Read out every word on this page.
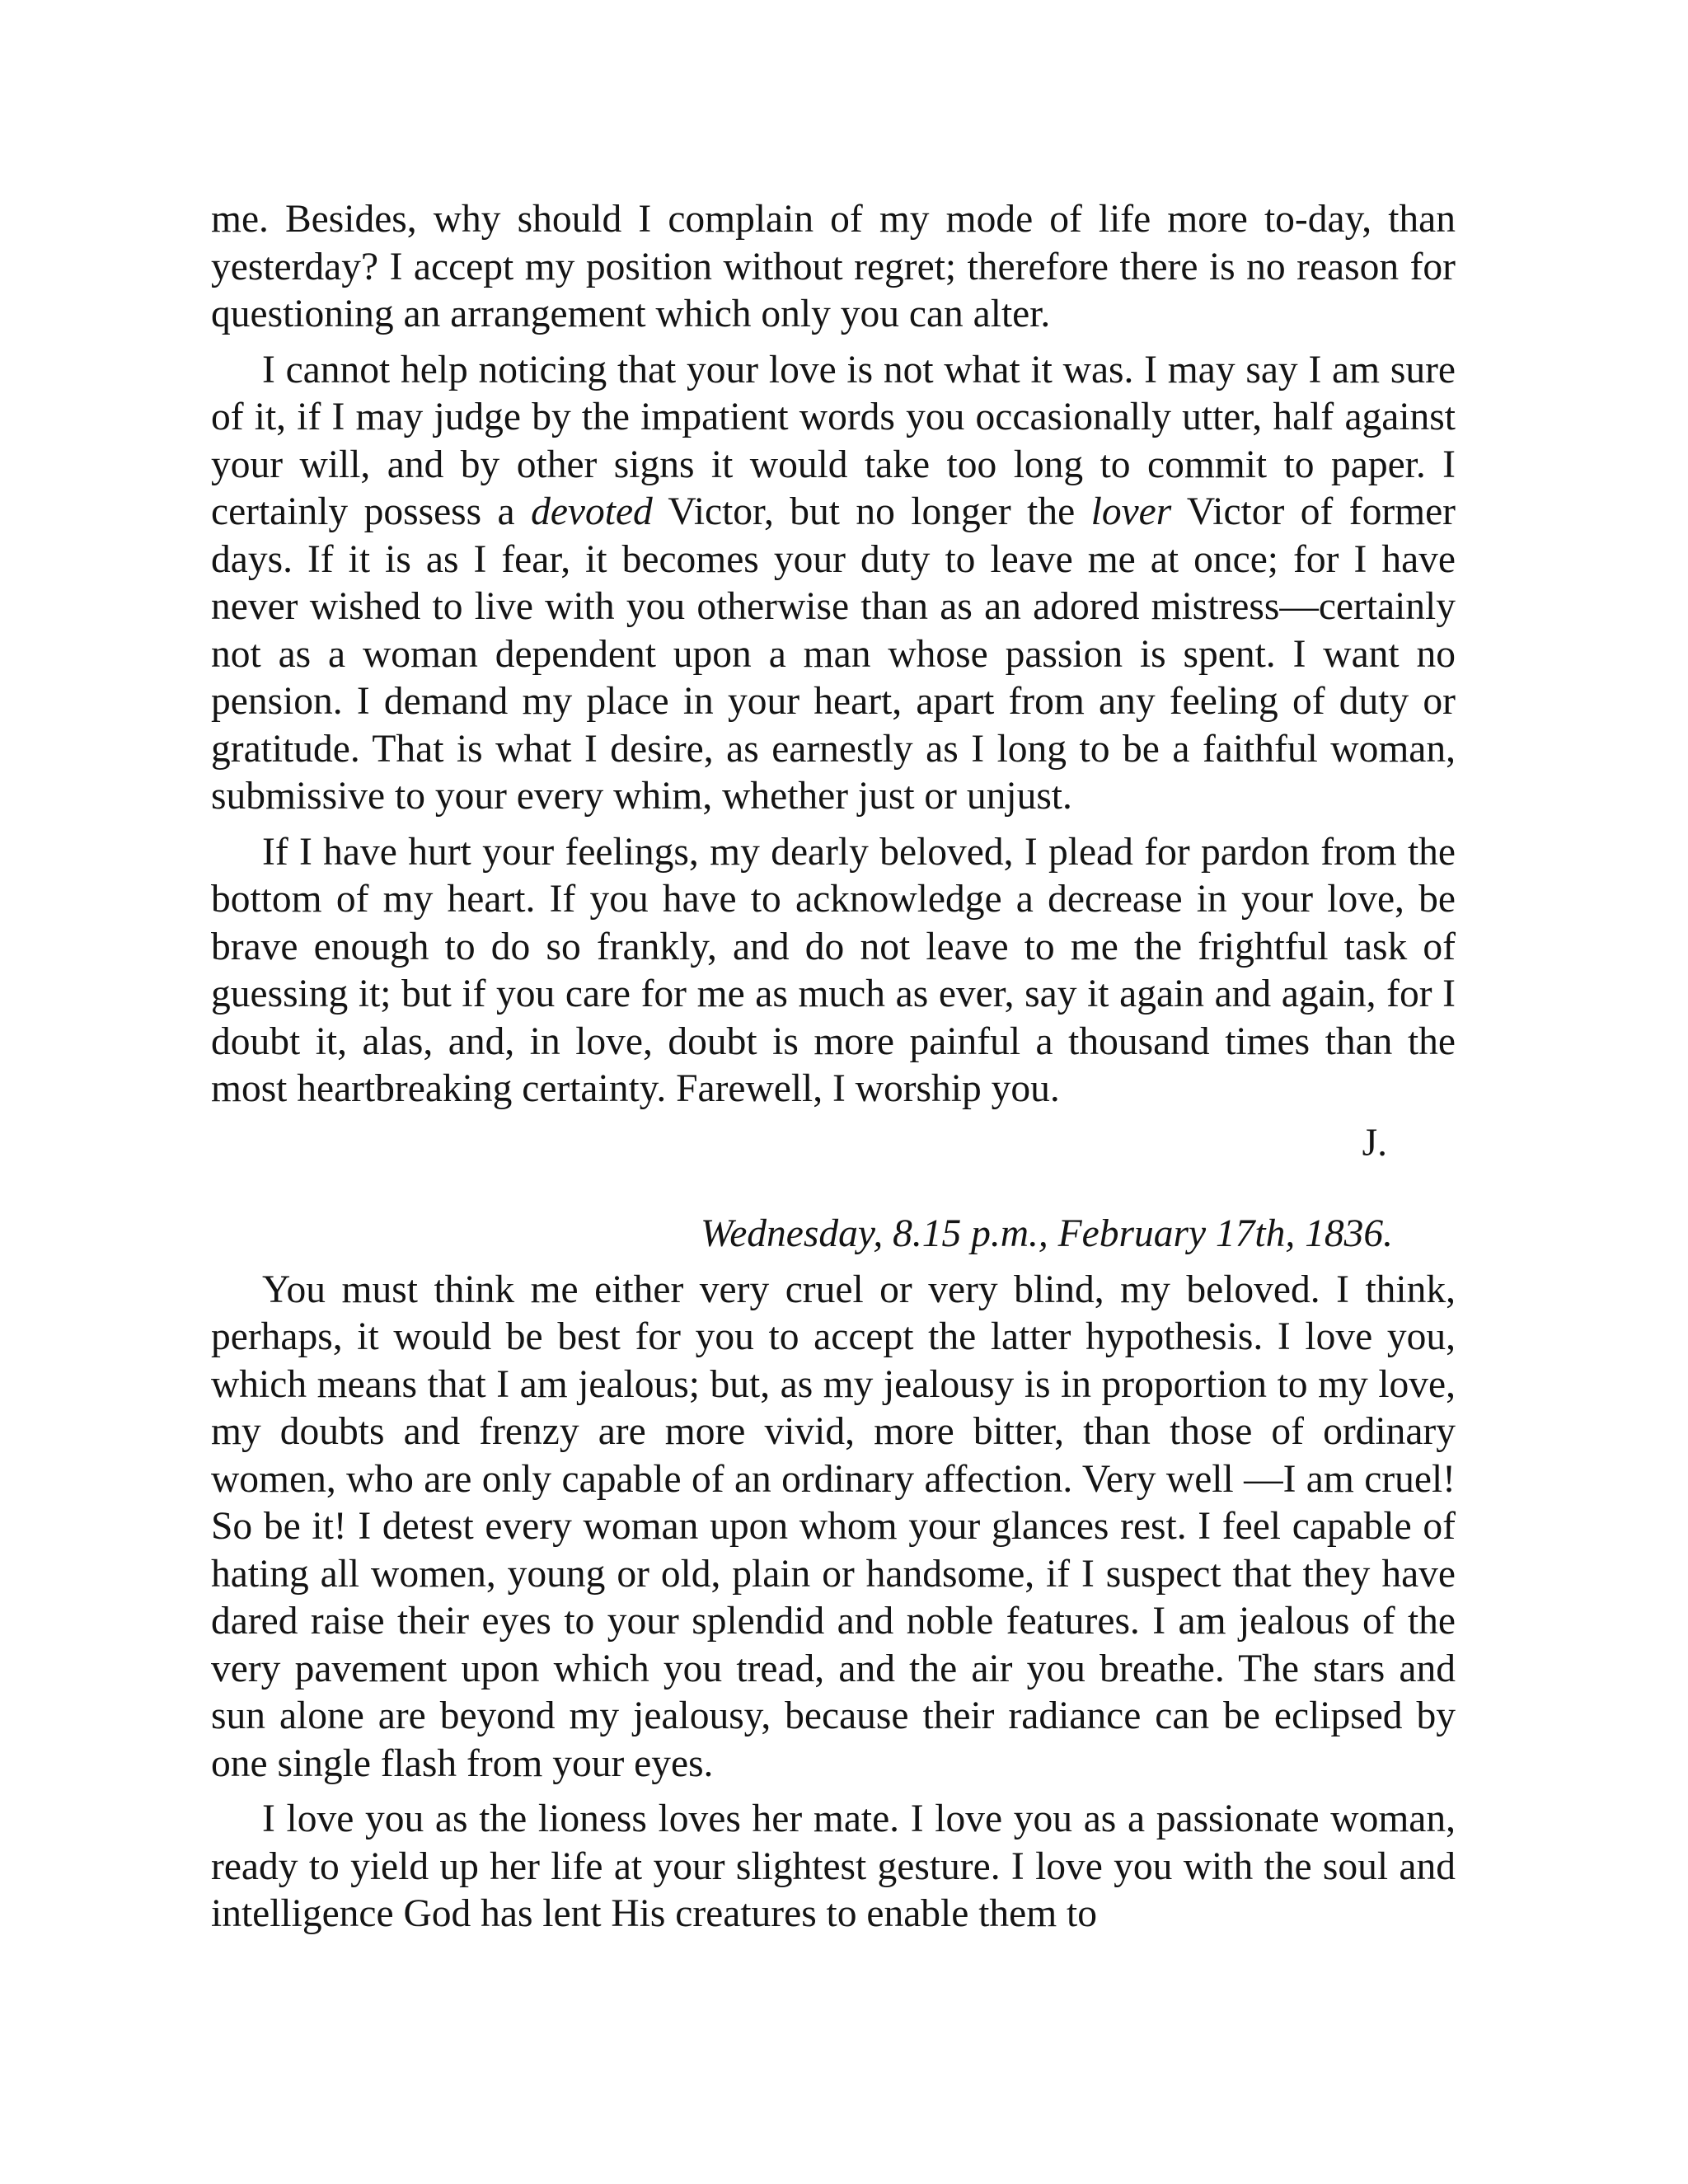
me. Besides, why should I complain of my mode of life more to-day, than yesterday? I accept my position without regret; therefore there is no reason for questioning an arrangement which only you can alter.

I cannot help noticing that your love is not what it was. I may say I am sure of it, if I may judge by the impatient words you occasionally utter, half against your will, and by other signs it would take too long to commit to paper. I certainly possess a devoted Victor, but no longer the lover Victor of former days. If it is as I fear, it becomes your duty to leave me at once; for I have never wished to live with you otherwise than as an adored mistress—certainly not as a woman dependent upon a man whose passion is spent. I want no pension. I demand my place in your heart, apart from any feeling of duty or gratitude. That is what I desire, as earnestly as I long to be a faithful woman, submissive to your every whim, whether just or unjust.

If I have hurt your feelings, my dearly beloved, I plead for pardon from the bottom of my heart. If you have to acknowledge a decrease in your love, be brave enough to do so frankly, and do not leave to me the frightful task of guessing it; but if you care for me as much as ever, say it again and again, for I doubt it, alas, and, in love, doubt is more painful a thousand times than the most heartbreaking certainty. Farewell, I worship you.

J.
Wednesday, 8.15 p.m., February 17th, 1836.

You must think me either very cruel or very blind, my beloved. I think, perhaps, it would be best for you to accept the latter hypothesis. I love you, which means that I am jealous; but, as my jealousy is in proportion to my love, my doubts and frenzy are more vivid, more bitter, than those of ordinary women, who are only capable of an ordinary affection. Very well —I am cruel! So be it! I detest every woman upon whom your glances rest. I feel capable of hating all women, young or old, plain or handsome, if I suspect that they have dared raise their eyes to your splendid and noble features. I am jealous of the very pavement upon which you tread, and the air you breathe. The stars and sun alone are beyond my jealousy, because their radiance can be eclipsed by one single flash from your eyes.

I love you as the lioness loves her mate. I love you as a passionate woman, ready to yield up her life at your slightest gesture. I love you with the soul and intelligence God has lent His creatures to enable them to
